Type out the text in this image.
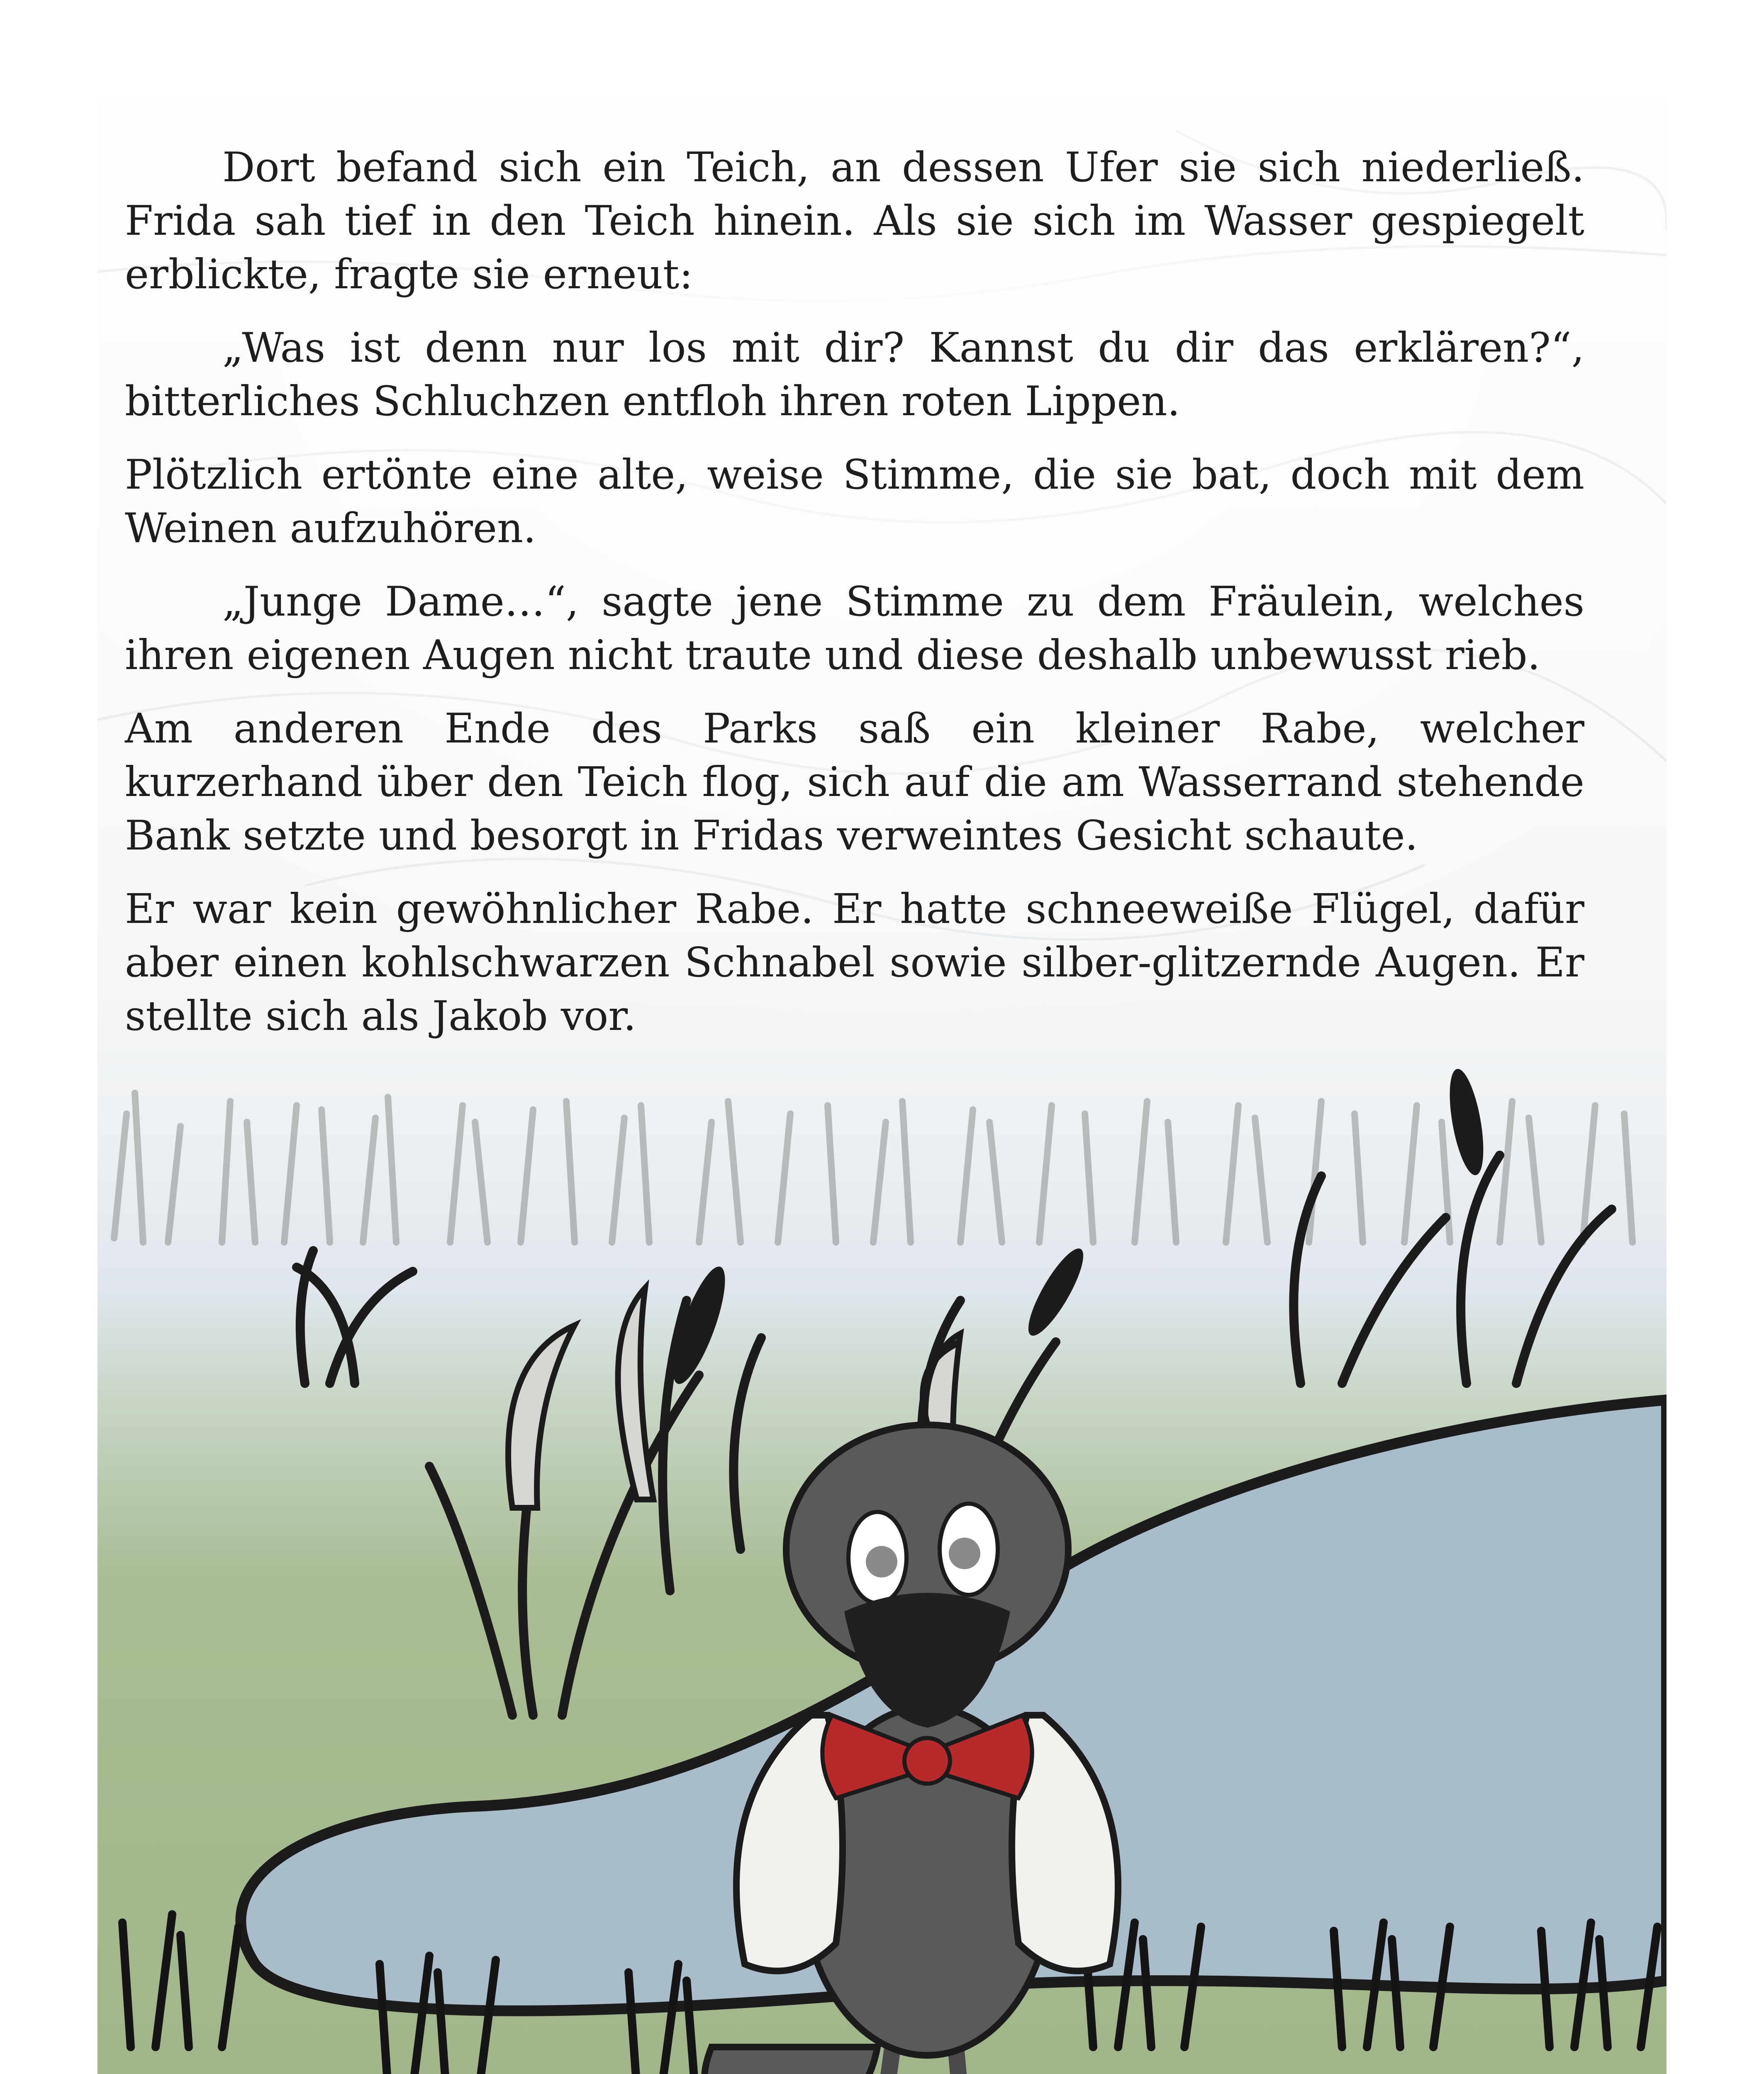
Dort befand sich ein Teich, an dessen Ufer sie sich niederließ. Frida sah tief in den Teich hinein. Als sie sich im Wasser gespiegelt erblickte, fragte sie erneut:

„Was ist denn nur los mit dir? Kannst du dir das erklären?“, bitterliches Schluchzen entfloh ihren roten Lippen.

Plötzlich ertönte eine alte, weise Stimme, die sie bat, doch mit dem Weinen aufzuhören.

„Junge Dame…“, sagte jene Stimme zu dem Fräulein, welches ihren eigenen Augen nicht traute und diese deshalb unbewusst rieb.

Am anderen Ende des Parks saß ein kleiner Rabe, welcher kurzerhand über den Teich flog, sich auf die am Wasserrand stehende Bank setzte und besorgt in Fridas verweintes Gesicht schaute.

Er war kein gewöhnlicher Rabe. Er hatte schneeweiße Flügel, dafür aber einen kohlschwarzen Schnabel sowie silber-glitzernde Augen. Er stellte sich als Jakob vor.
